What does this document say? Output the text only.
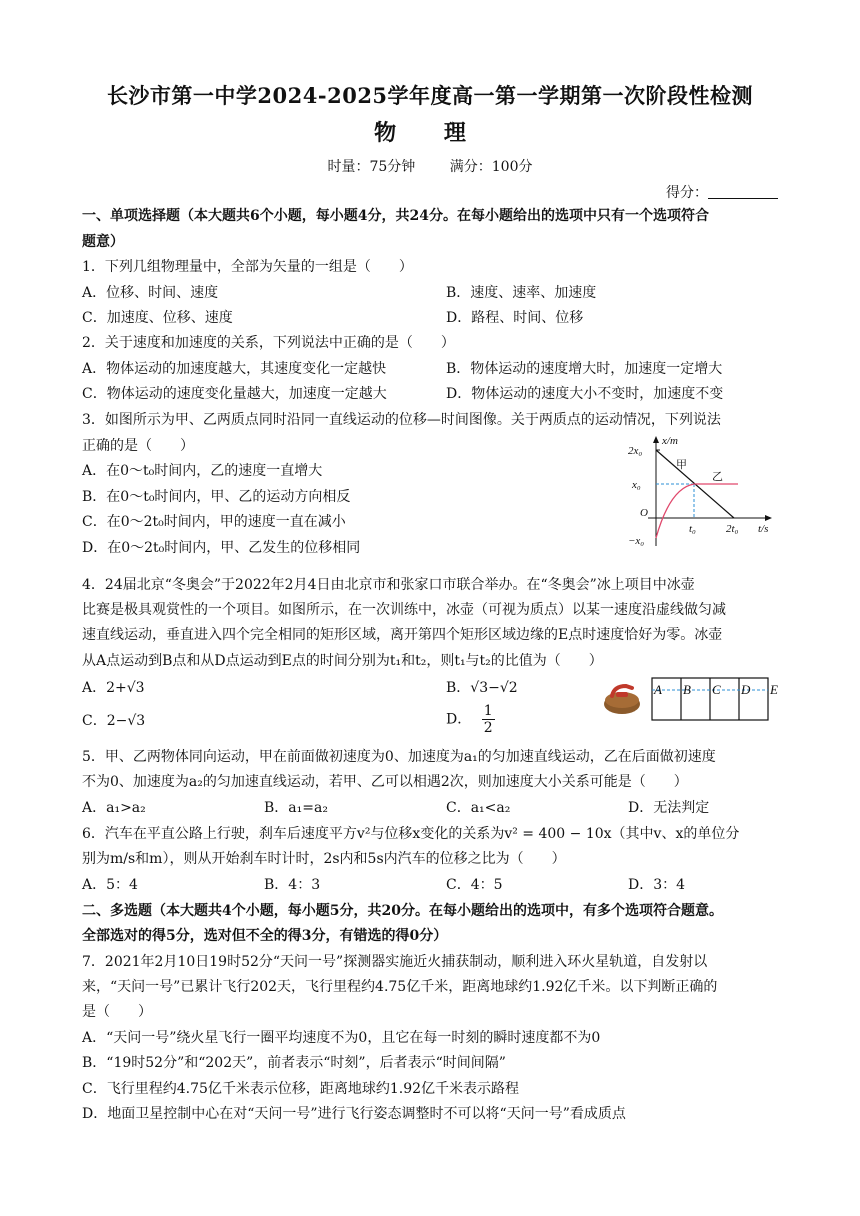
长沙市第一中学2024-2025学年度高一第一学期第一次阶段性检测
物 理
时量：75分钟 满分：100分
得分：
一、单项选择题（本大题共6个小题，每小题4分，共24分。在每小题给出的选项中只有一个选项符合
题意）
1．下列几组物理量中，全部为矢量的一组是（　　）
A．位移、时间、速度	B．速度、速率、加速度
C．加速度、位移、速度	D．路程、时间、位移
2．关于速度和加速度的关系，下列说法中正确的是（　　）
A．物体运动的加速度越大，其速度变化一定越快	B．物体运动的速度增大时，加速度一定增大
C．物体运动的速度变化量越大，加速度一定越大	D．物体运动的速度大小不变时，加速度不变
3．如图所示为甲、乙两质点同时沿同一直线运动的位移—时间图像。关于两质点的运动情况，下列说法
正确的是（　　）
A．在0～t₀时间内，乙的速度一直增大
B．在0～t₀时间内，甲、乙的运动方向相反
C．在0～2t₀时间内，甲的速度一直在减小
D．在0～2t₀时间内，甲、乙发生的位移相同
x/m
2x₀
x₀
−x₀
O
t₀	2t₀ t/s
甲
乙
4．24届北京“冬奥会”于2022年2月4日由北京市和张家口市联合举办。在“冬奥会”冰上项目中冰壶
比赛是极具观赏性的一个项目。如图所示，在一次训练中，冰壶（可视为质点）以某一速度沿虚线做匀减
速直线运动，垂直进入四个完全相同的矩形区域，离开第四个矩形区域边缘的E点时速度恰好为零。冰壶
从A点运动到B点和从D点运动到E点的时间分别为t₁和t₂，则t₁与t₂的比值为（　　）
A．2+√3	B．√3−√2
C．2−√3	D． $\frac{1}{2}$
A B C D E
5．甲、乙两物体同向运动，甲在前面做初速度为0、加速度为a₁的匀加速直线运动，乙在后面做初速度
不为0、加速度为a₂的匀加速直线运动，若甲、乙可以相遇2次，则加速度大小关系可能是（　　）
A．a₁>a₂	B．a₁=a₂	C．a₁<a₂	D．无法判定
6．汽车在平直公路上行驶，刹车后速度平方v²与位移x变化的关系为v² = 400 − 10x（其中v、x的单位分
别为m/s和m），则从开始刹车时计时，2s内和5s内汽车的位移之比为（　　）
A．5：4	B．4：3	C．4：5	D．3：4
二、多选题（本大题共4个小题，每小题5分，共20分。在每小题给出的选项中，有多个选项符合题意。
全部选对的得5分，选对但不全的得3分，有错选的得0分）
7．2021年2月10日19时52分“天问一号”探测器实施近火捕获制动，顺利进入环火星轨道，自发射以
来，“天问一号”已累计飞行202天，飞行里程约4.75亿千米，距离地球约1.92亿千米。以下判断正确的
是（　　）
A．“天问一号”绕火星飞行一圈平均速度不为0，且它在每一时刻的瞬时速度都不为0
B．“19时52分”和“202天”，前者表示“时刻”，后者表示“时间间隔”
C．飞行里程约4.75亿千米表示位移，距离地球约1.92亿千米表示路程
D．地面卫星控制中心在对“天问一号”进行飞行姿态调整时不可以将“天问一号”看成质点
